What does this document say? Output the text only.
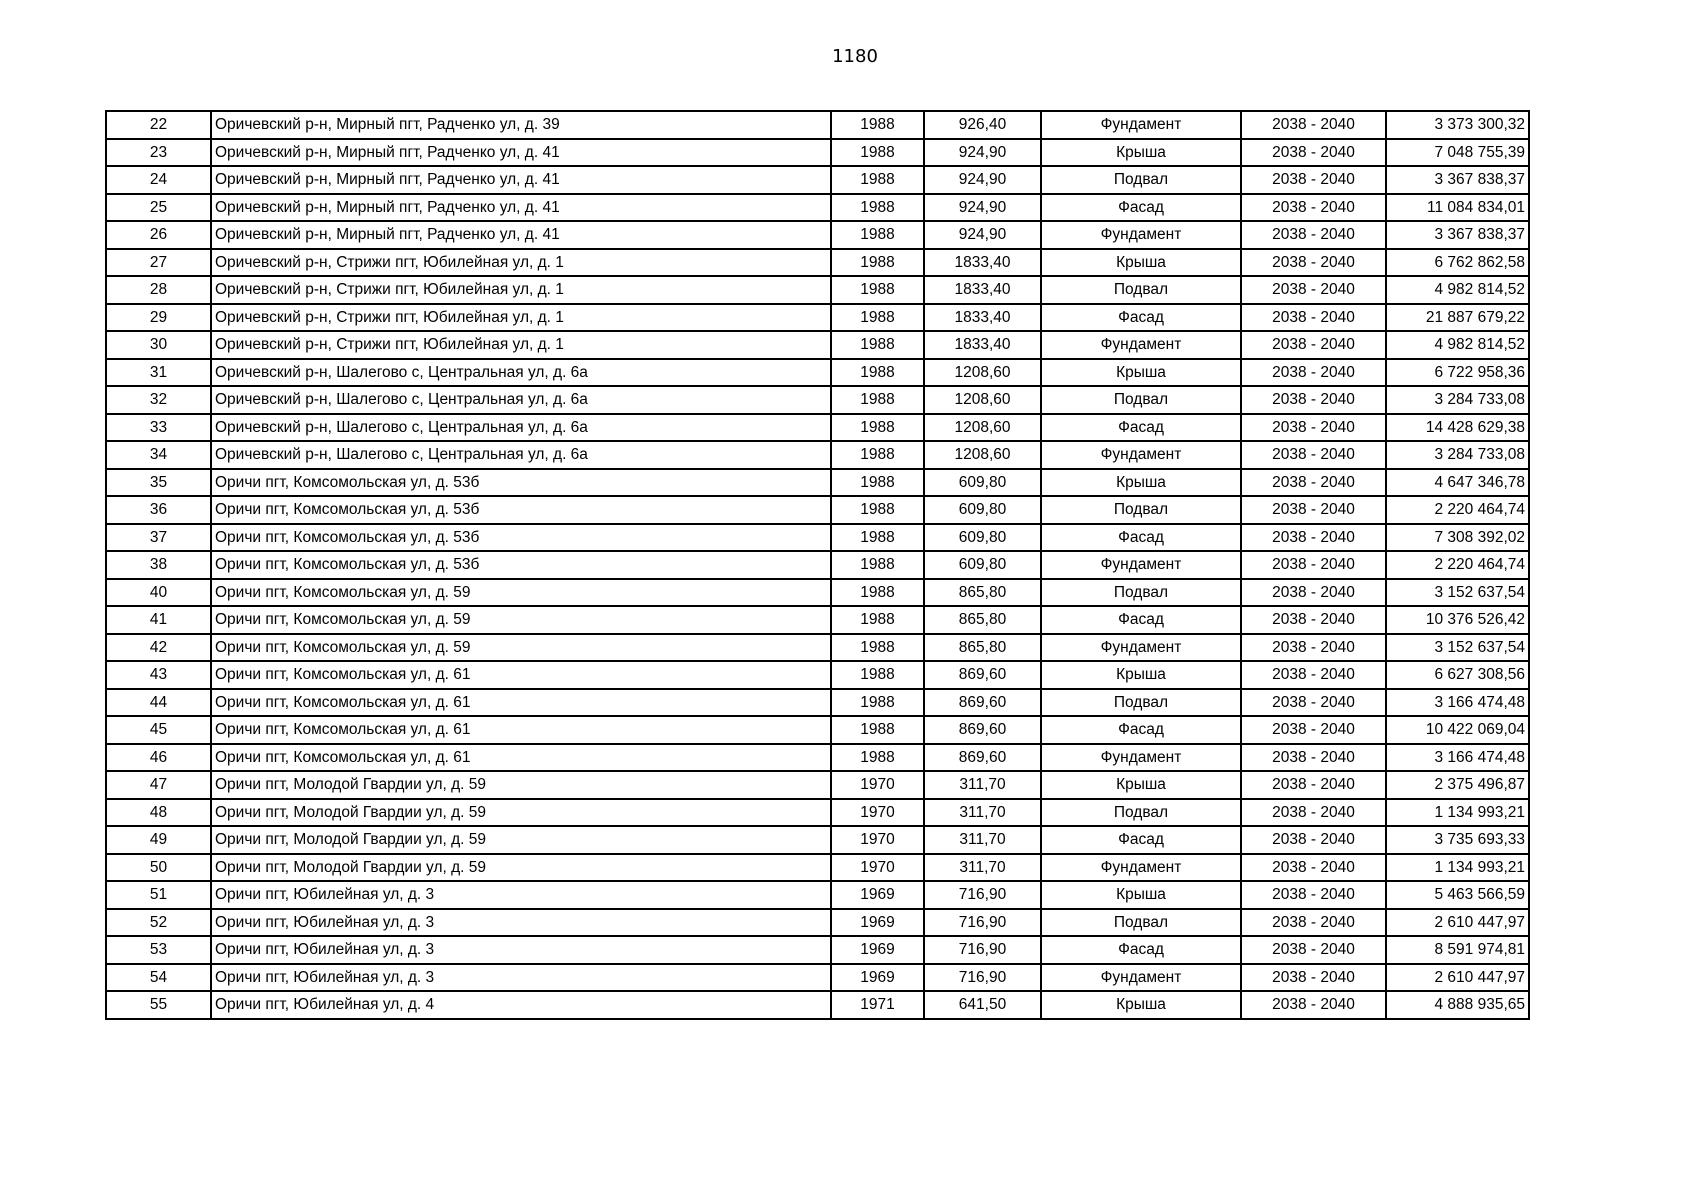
1180
22	Оричевский р-н, Мирный пгт, Радченко ул, д. 39	1988	926,40	Фундамент	2038 - 2040	3 373 300,32
23	Оричевский р-н, Мирный пгт, Радченко ул, д. 41	1988	924,90	Крыша	2038 - 2040	7 048 755,39
24	Оричевский р-н, Мирный пгт, Радченко ул, д. 41	1988	924,90	Подвал	2038 - 2040	3 367 838,37
25	Оричевский р-н, Мирный пгт, Радченко ул, д. 41	1988	924,90	Фасад	2038 - 2040	11 084 834,01
26	Оричевский р-н, Мирный пгт, Радченко ул, д. 41	1988	924,90	Фундамент	2038 - 2040	3 367 838,37
27	Оричевский р-н, Стрижи пгт, Юбилейная ул, д. 1	1988	1833,40	Крыша	2038 - 2040	6 762 862,58
28	Оричевский р-н, Стрижи пгт, Юбилейная ул, д. 1	1988	1833,40	Подвал	2038 - 2040	4 982 814,52
29	Оричевский р-н, Стрижи пгт, Юбилейная ул, д. 1	1988	1833,40	Фасад	2038 - 2040	21 887 679,22
30	Оричевский р-н, Стрижи пгт, Юбилейная ул, д. 1	1988	1833,40	Фундамент	2038 - 2040	4 982 814,52
31	Оричевский р-н, Шалегово с, Центральная ул, д. 6а	1988	1208,60	Крыша	2038 - 2040	6 722 958,36
32	Оричевский р-н, Шалегово с, Центральная ул, д. 6а	1988	1208,60	Подвал	2038 - 2040	3 284 733,08
33	Оричевский р-н, Шалегово с, Центральная ул, д. 6а	1988	1208,60	Фасад	2038 - 2040	14 428 629,38
34	Оричевский р-н, Шалегово с, Центральная ул, д. 6а	1988	1208,60	Фундамент	2038 - 2040	3 284 733,08
35	Оричи пгт, Комсомольская ул, д. 53б	1988	609,80	Крыша	2038 - 2040	4 647 346,78
36	Оричи пгт, Комсомольская ул, д. 53б	1988	609,80	Подвал	2038 - 2040	2 220 464,74
37	Оричи пгт, Комсомольская ул, д. 53б	1988	609,80	Фасад	2038 - 2040	7 308 392,02
38	Оричи пгт, Комсомольская ул, д. 53б	1988	609,80	Фундамент	2038 - 2040	2 220 464,74
40	Оричи пгт, Комсомольская ул, д. 59	1988	865,80	Подвал	2038 - 2040	3 152 637,54
41	Оричи пгт, Комсомольская ул, д. 59	1988	865,80	Фасад	2038 - 2040	10 376 526,42
42	Оричи пгт, Комсомольская ул, д. 59	1988	865,80	Фундамент	2038 - 2040	3 152 637,54
43	Оричи пгт, Комсомольская ул, д. 61	1988	869,60	Крыша	2038 - 2040	6 627 308,56
44	Оричи пгт, Комсомольская ул, д. 61	1988	869,60	Подвал	2038 - 2040	3 166 474,48
45	Оричи пгт, Комсомольская ул, д. 61	1988	869,60	Фасад	2038 - 2040	10 422 069,04
46	Оричи пгт, Комсомольская ул, д. 61	1988	869,60	Фундамент	2038 - 2040	3 166 474,48
47	Оричи пгт, Молодой Гвардии ул, д. 59	1970	311,70	Крыша	2038 - 2040	2 375 496,87
48	Оричи пгт, Молодой Гвардии ул, д. 59	1970	311,70	Подвал	2038 - 2040	1 134 993,21
49	Оричи пгт, Молодой Гвардии ул, д. 59	1970	311,70	Фасад	2038 - 2040	3 735 693,33
50	Оричи пгт, Молодой Гвардии ул, д. 59	1970	311,70	Фундамент	2038 - 2040	1 134 993,21
51	Оричи пгт, Юбилейная ул, д. 3	1969	716,90	Крыша	2038 - 2040	5 463 566,59
52	Оричи пгт, Юбилейная ул, д. 3	1969	716,90	Подвал	2038 - 2040	2 610 447,97
53	Оричи пгт, Юбилейная ул, д. 3	1969	716,90	Фасад	2038 - 2040	8 591 974,81
54	Оричи пгт, Юбилейная ул, д. 3	1969	716,90	Фундамент	2038 - 2040	2 610 447,97
55	Оричи пгт, Юбилейная ул, д. 4	1971	641,50	Крыша	2038 - 2040	4 888 935,65
